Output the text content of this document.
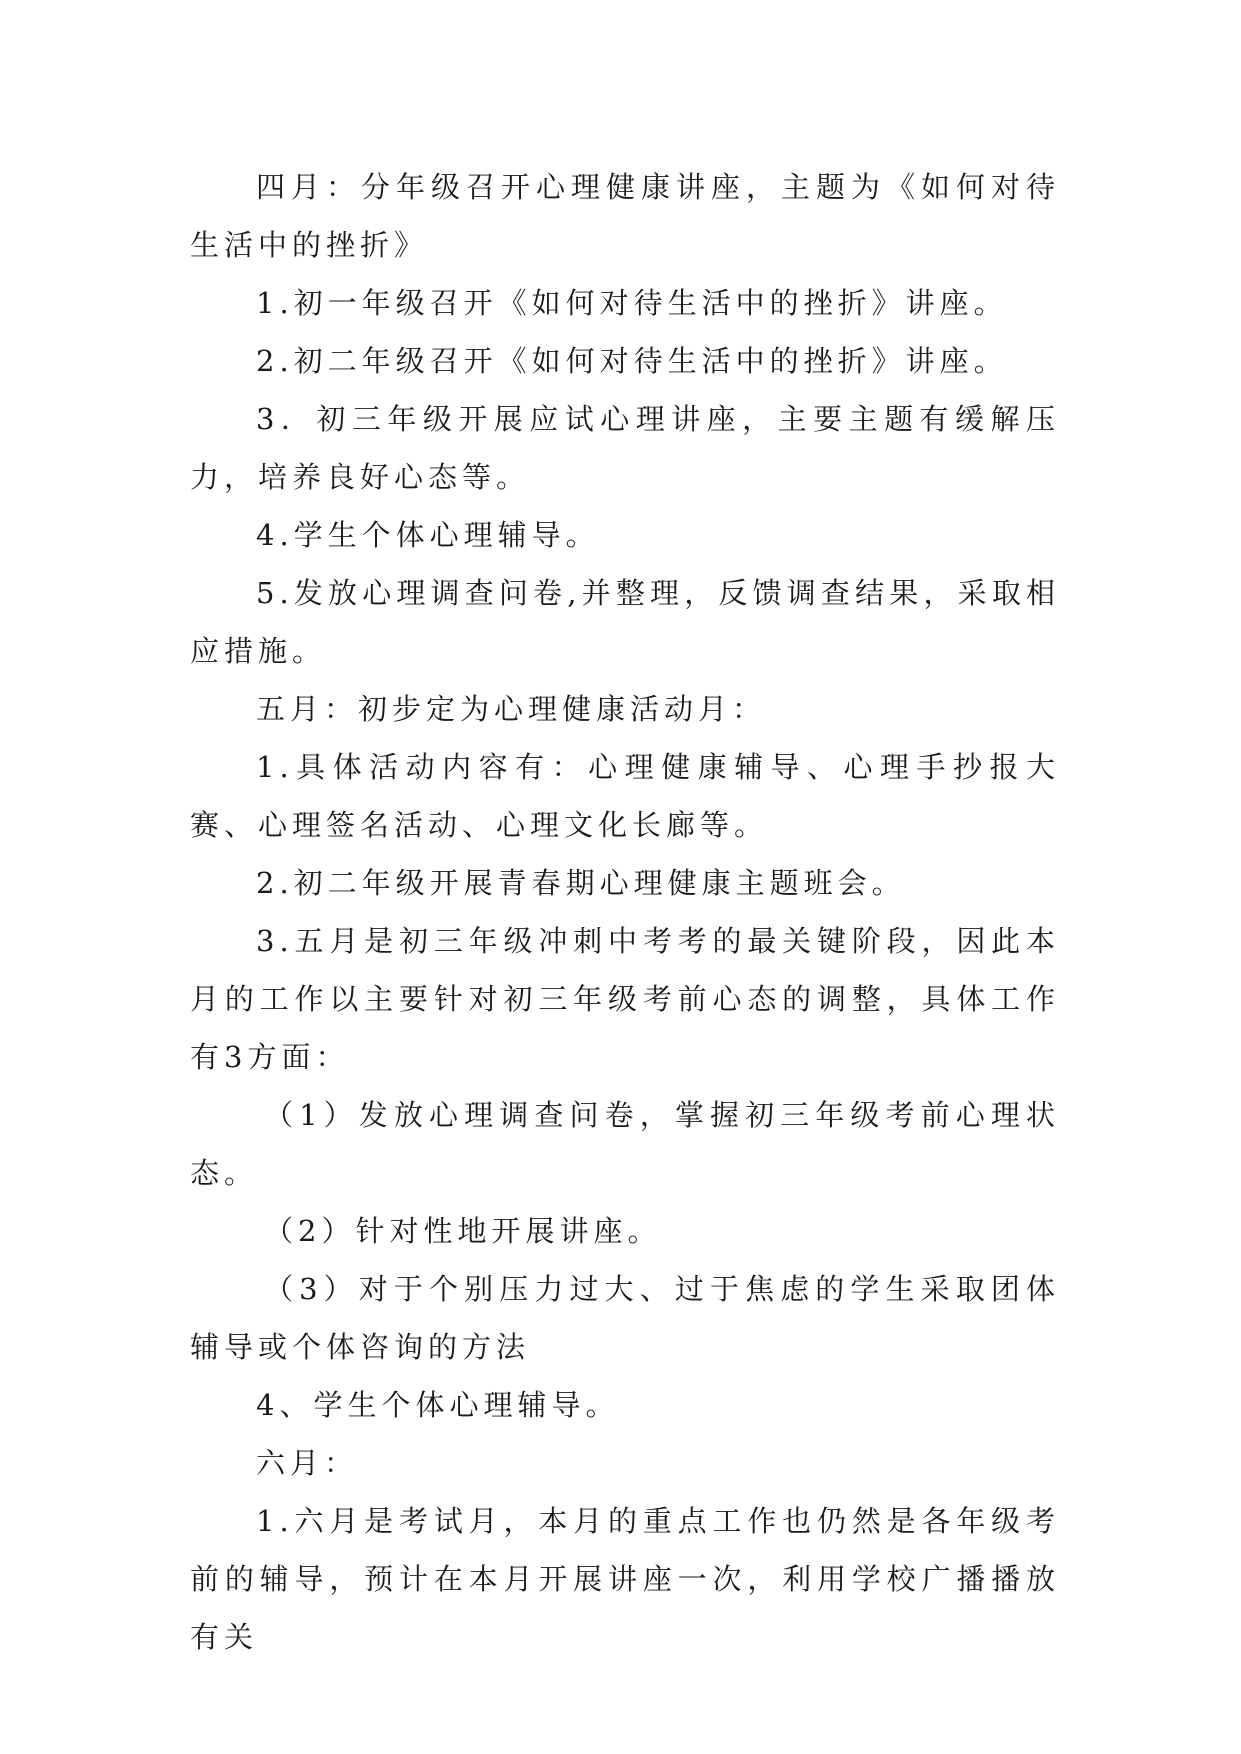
四月：分年级召开心理健康讲座，主题为《如何对待生活中的挫折》

1.初一年级召开《如何对待生活中的挫折》讲座。

2.初二年级召开《如何对待生活中的挫折》讲座。

3．初三年级开展应试心理讲座，主要主题有缓解压力，培养良好心态等。

4.学生个体心理辅导。

5.发放心理调查问卷,并整理，反馈调查结果，采取相应措施。

五月：初步定为心理健康活动月：

1.具体活动内容有：心理健康辅导、心理手抄报大赛、心理签名活动、心理文化长廊等。

2.初二年级开展青春期心理健康主题班会。

3.五月是初三年级冲刺中考考的最关键阶段，因此本月的工作以主要针对初三年级考前心态的调整，具体工作有3方面：

（1）发放心理调查问卷，掌握初三年级考前心理状态。

（2）针对性地开展讲座。

（3）对于个别压力过大、过于焦虑的学生采取团体辅导或个体咨询的方法

4、学生个体心理辅导。

六月：

1.六月是考试月，本月的重点工作也仍然是各年级考前的辅导，预计在本月开展讲座一次，利用学校广播播放有关
